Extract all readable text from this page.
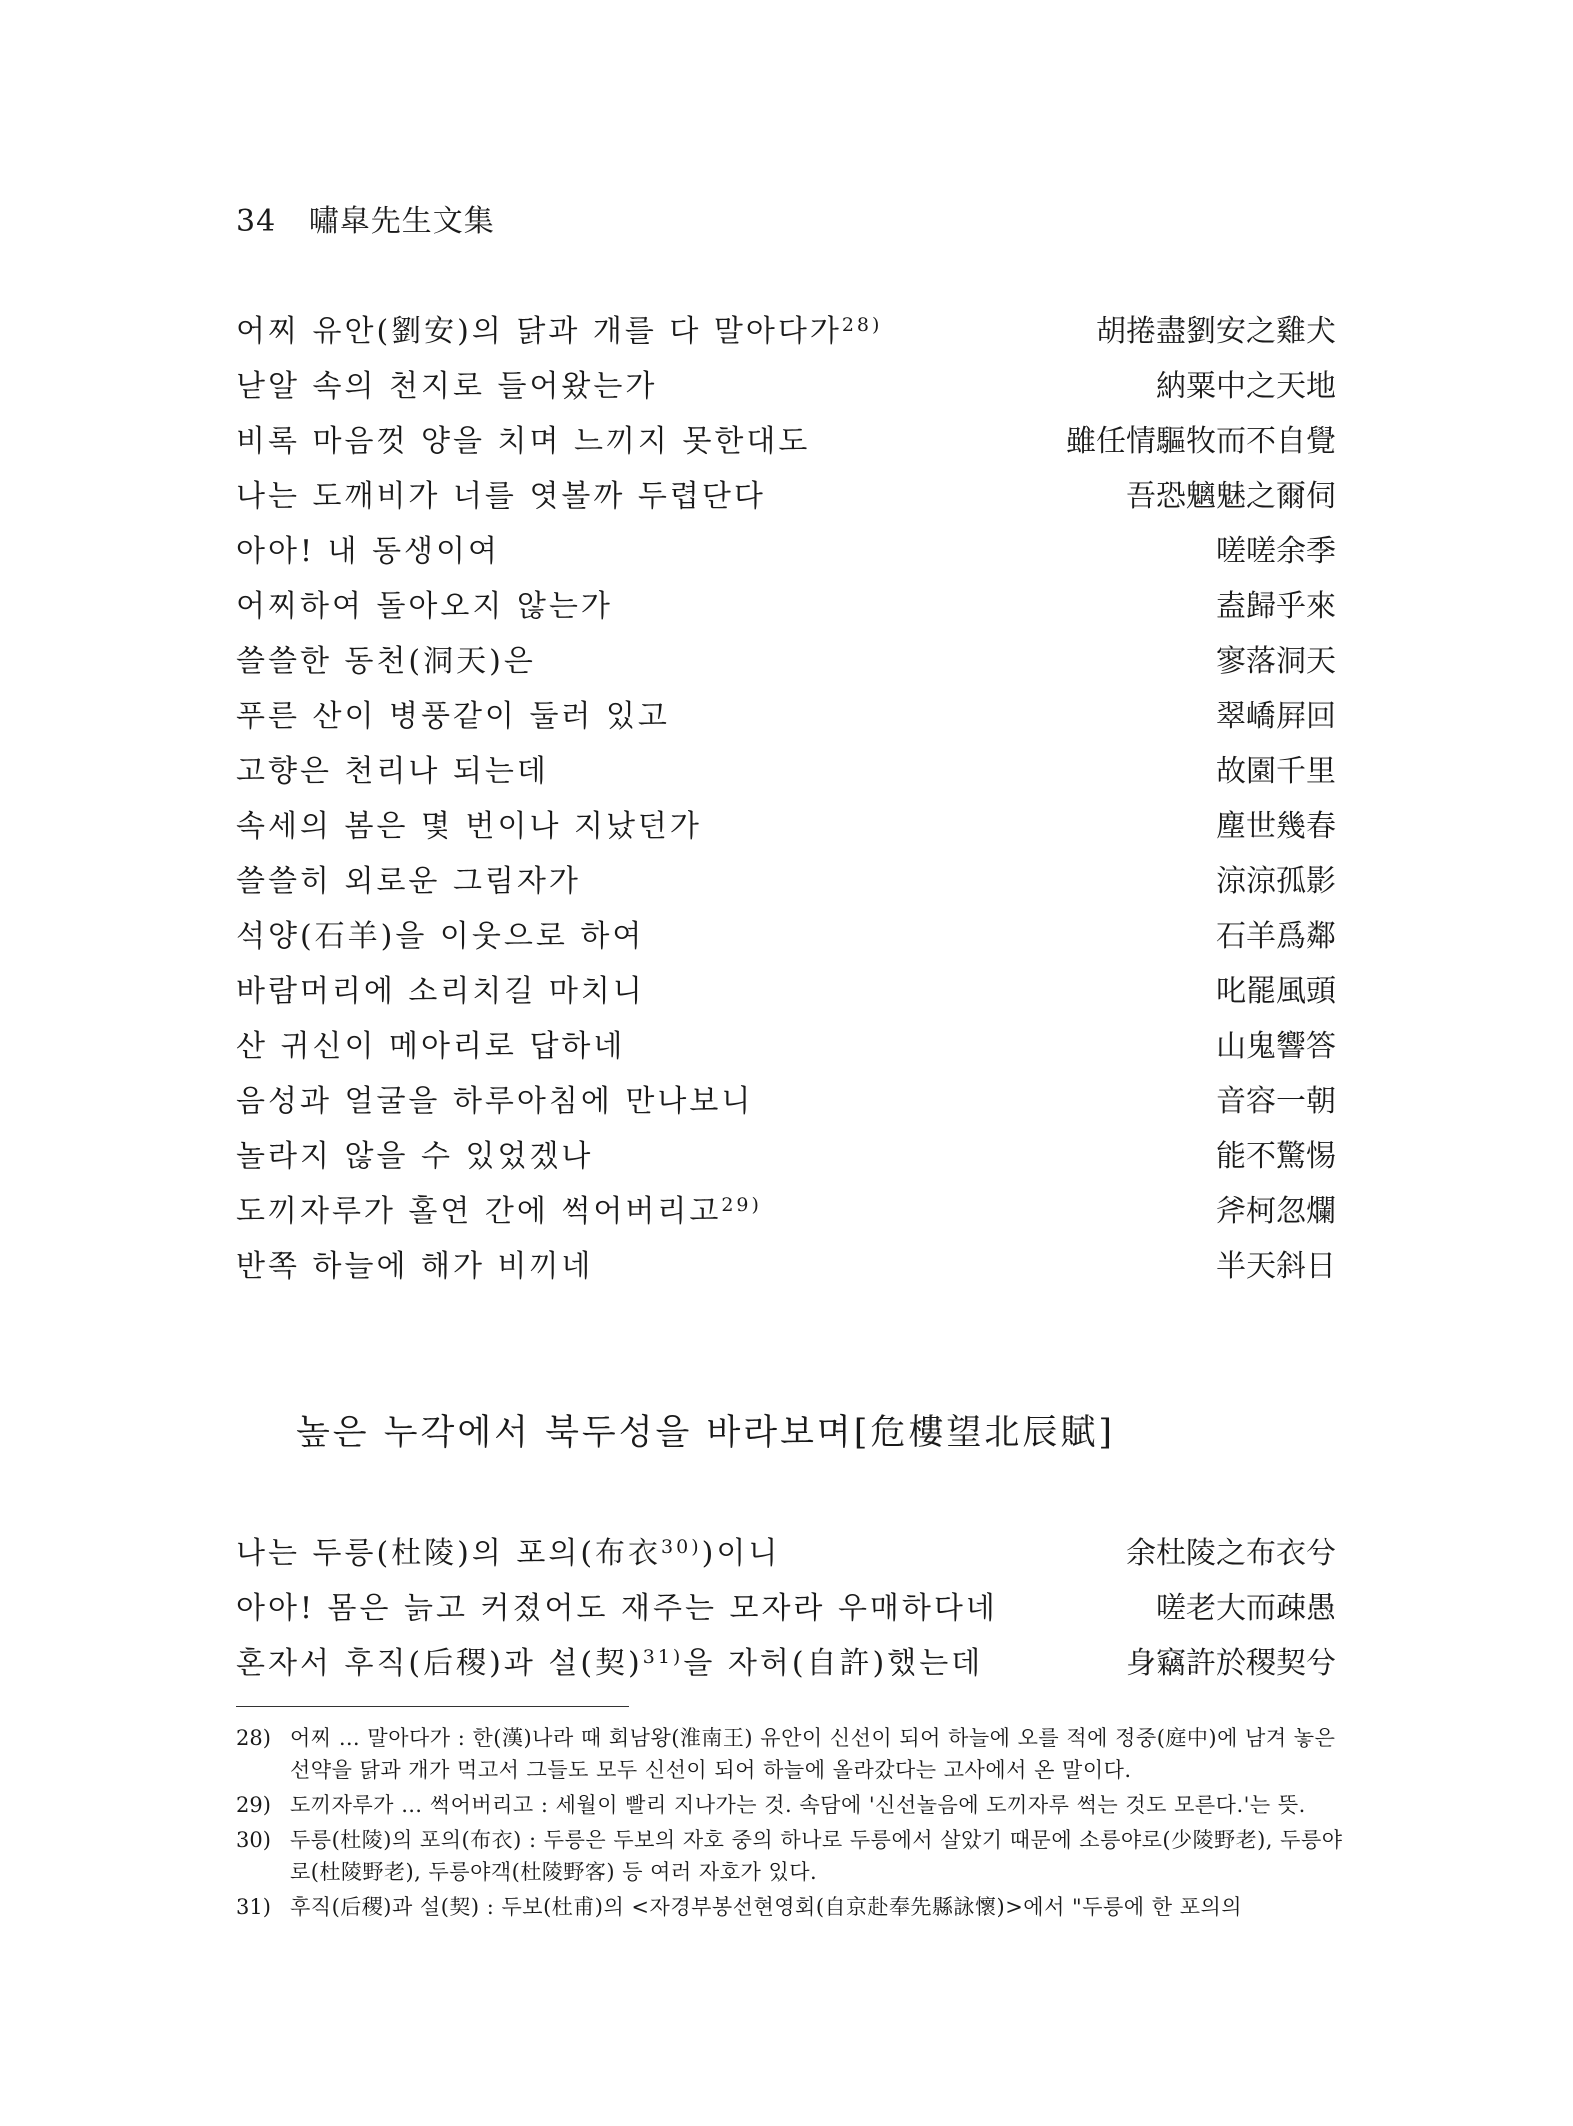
34 嘯皐先生文集
어찌 유안(劉安)의 닭과 개를 다 말아다가$^{28)}$	胡捲盡劉安之雞犬
낟알 속의 천지로 들어왔는가	納粟中之天地
비록 마음껏 양을 치며 느끼지 못한대도	雖任情驅牧而不自覺
나는 도깨비가 너를 엿볼까 두렵단다	吾恐魑魅之爾伺
아아! 내 동생이여	嗟嗟余季
어찌하여 돌아오지 않는가	盍歸乎來
쓸쓸한 동천(洞天)은	寥落洞天
푸른 산이 병풍같이 둘러 있고	翠嶠屛回
고향은 천리나 되는데	故園千里
속세의 봄은 몇 번이나 지났던가	塵世幾春
쓸쓸히 외로운 그림자가	涼涼孤影
석양(石羊)을 이웃으로 하여	石羊爲鄰
바람머리에 소리치길 마치니	叱罷風頭
산 귀신이 메아리로 답하네	山鬼響答
음성과 얼굴을 하루아침에 만나보니	音容一朝
놀라지 않을 수 있었겠나	能不驚惕
도끼자루가 홀연 간에 썩어버리고$^{29)}$	斧柯忽爛
반쪽 하늘에 해가 비끼네	半天斜日
높은 누각에서 북두성을 바라보며[危樓望北辰賦]
나는 두릉(杜陵)의 포의(布衣$^{30)}$)이니	余杜陵之布衣兮
아아! 몸은 늙고 커졌어도 재주는 모자라 우매하다네	嗟老大而疎愚
혼자서 후직(后稷)과 설(契)$^{31)}$을 자허(自許)했는데	身竊許於稷契兮
28) 어찌 … 말아다가 : 한(漢)나라 때 회남왕(淮南王) 유안이 신선이 되어 하늘에 오를 적에 정중(庭中)에 남겨 놓은 선약을 닭과 개가 먹고서 그들도 모두 신선이 되어 하늘에 올라갔다는 고사에서 온 말이다.
29) 도끼자루가 … 썩어버리고 : 세월이 빨리 지나가는 것. 속담에 '신선놀음에 도끼자루 썩는 것도 모른다.'는 뜻.
30) 두릉(杜陵)의 포의(布衣) : 두릉은 두보의 자호 중의 하나로 두릉에서 살았기 때문에 소릉야로(少陵野老), 두릉야로(杜陵野老), 두릉야객(杜陵野客) 등 여러 자호가 있다.
31) 후직(后稷)과 설(契) : 두보(杜甫)의 <자경부봉선현영회(自京赴奉先縣詠懷)>에서 "두릉에 한 포의의
